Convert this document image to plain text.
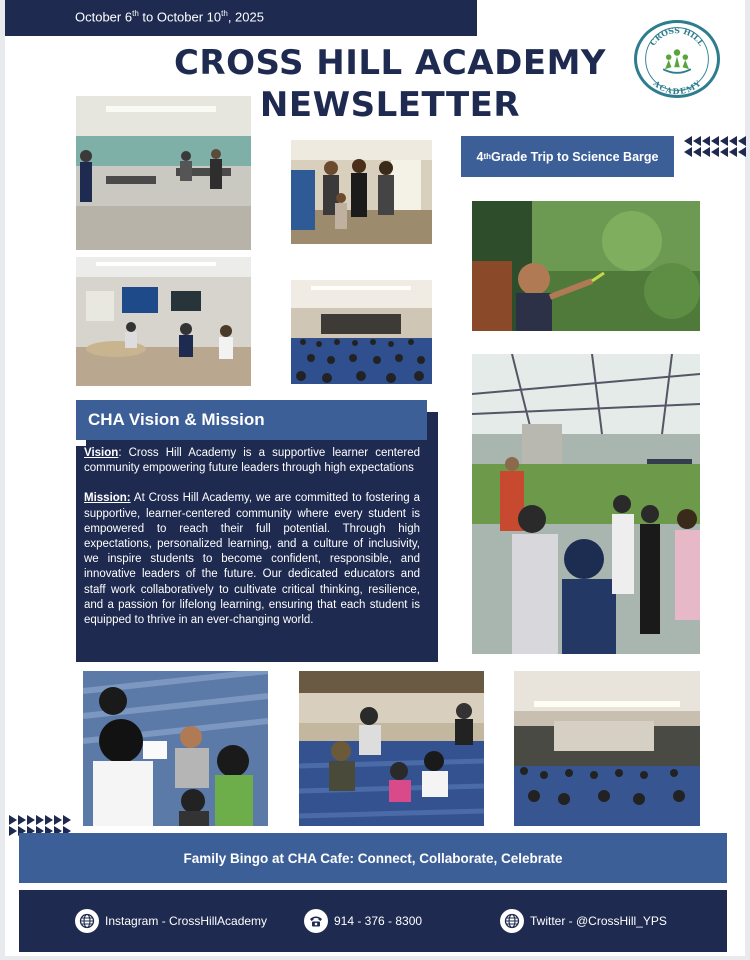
October 6th to October 10th, 2025
CROSS HILL ACADEMY
NEWSLETTER
CROSS HILL
ACADEMY
4 th Grade Trip to Science Barge

Vision: Cross Hill Academy is a supportive learner centered community empowering future leaders through high expectations

Mission: At Cross Hill Academy, we are committed to fostering a supportive, learner-centered community where every student is empowered to reach their full potential. Through high expectations, personalized learning, and a culture of inclusivity, we inspire students to become confident, responsible, and innovative leaders of the future. Our dedicated educators and staff work collaboratively to cultivate critical thinking, resilience, and a passion for lifelong learning, ensuring that each student is equipped to thrive in an ever-changing world.

CHA Vision & Mission
Family Bingo at CHA Cafe: Connect, Collaborate, Celebrate
Instagram - CrossHillAcademy	914 - 376 - 8300	Twitter - @CrossHill_YPS
